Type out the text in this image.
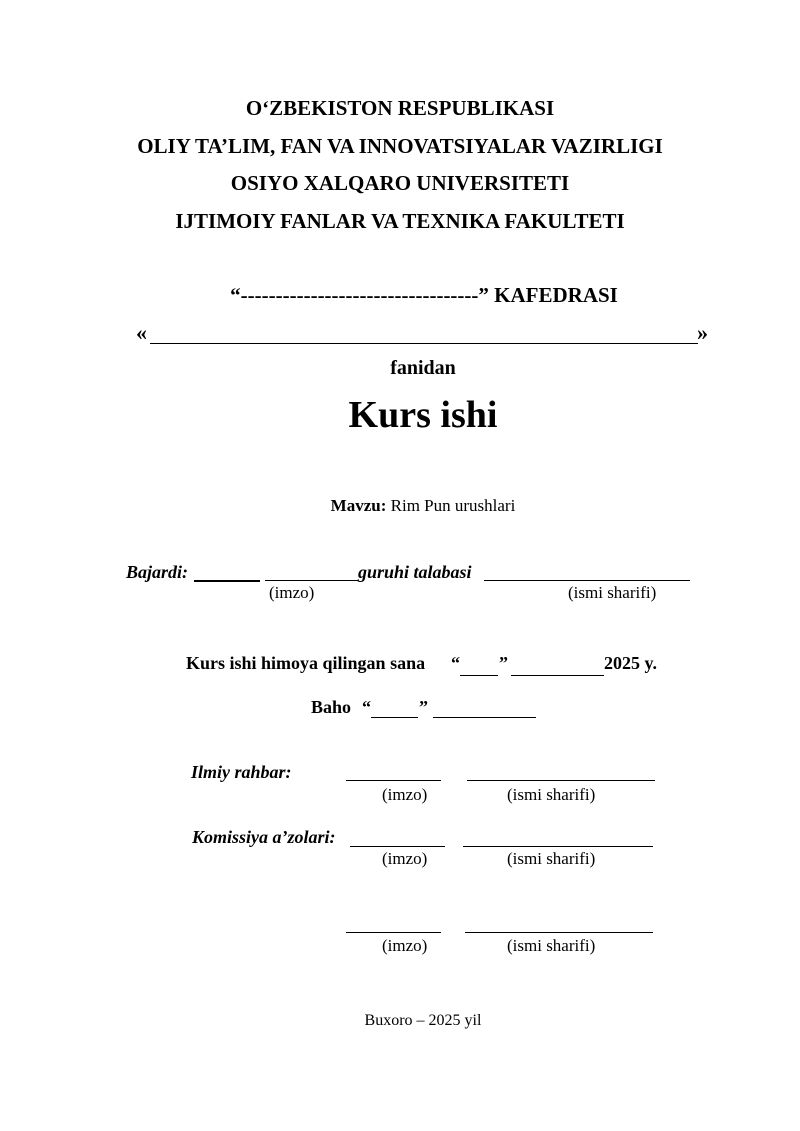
O‘ZBEKISTON RESPUBLIKASI
OLIY TA’LIM, FAN VA INNOVATSIYALAR VAZIRLIGI
OSIYO XALQARO UNIVERSITETI
IJTIMOIY FANLAR VA TEXNIKA FAKULTETI
“----------------------------------” KAFEDRASI
«	»
fanidan
Kurs ishi
Mavzu: Rim Pun urushlari
Bajardi:	guruhi talabasi
(imzo)	(ismi sharifi)
Kurs ishi himoya qilingan sana “ ”	2025 y.
Baho “	”
Ilmiy rahbar:
(imzo)	(ismi sharifi)
Komissiya a’zolari:
(imzo)	(ismi sharifi)
(imzo)	(ismi sharifi)
Buxoro – 2025 yil
